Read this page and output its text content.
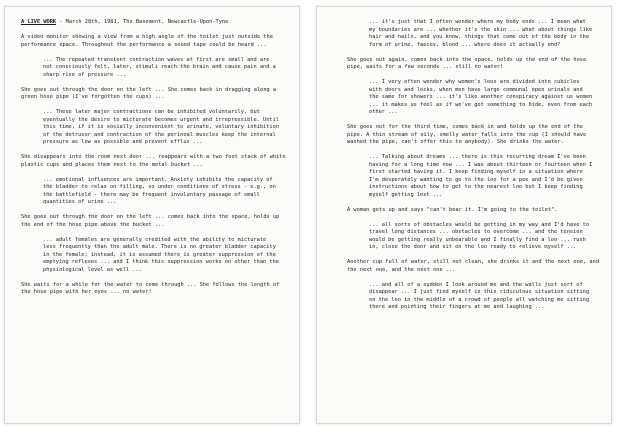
A LIVE WORK - March 28th, 1981, The Basement, Newcastle-Upon-Tyne
A video monitor showing a view from a high angle of the toilet just outside the performance space. Throughout the performance a sound tape could be heard ...
... The repeated transient contraction waves at first are small and are not consciously felt, later, stimuli reach the brain and cause pain and a sharp rise of pressure ...
She goes out through the door on the left ... She comes back in dragging along a green hose pipe (I've forgotten the cups) ...
... These later major contractions can be inhibited voluntarily, but eventually the desire to micturate becomes urgent and irrepressible. Until this time, if it is socially inconvenient to urinate, voluntary inhibition of the detrusor and contraction of the perineal muscles keep the internal pressure as low as possible and prevent efflux ...
She disappears into the room next door ... reappears with a two foot stack of white plastic cups and places them next to the metal bucket ...
... emotional influences are important. Anxiety inhibits the capacity of the bladder to relax on filling, so under conditions of stress - e.g., on the battlefield - there may be frequent involuntary passage of small quantities of urine ...
She goes out through the door on the left ... comes back into the space, holds up the end of the hose pipe above the bucket ...
... adult females are generally credited with the ability to micturate less frequently than the adult male. There is no greater bladder capacity in the female; instead, it is assumed there is greater suppression of the emptying reflexes ... and I think this suppression works on other than the physiological level as well ...
She waits for a while for the water to come through ... She follows the length of the hose pipe with her eyes ... no water!
... it's just that I often wonder where my body ends ... I mean what my boundaries are ... whether it's the skin ... what about things like hair and nails, and you know, things that come out of the body in the form of urine, faeces, blood ... where does it actually end?
She goes out again, comes back into the space, holds up the end of the hose pipe, waits for a few seconds ... still no water!
... I very often wonder why women's loos are divided into cubicles with doors and locks, when men have large communal open urinals and the same for showers ... it's like another conspiracy against us women ... it makes us feel as if we've got something to hide, even from each other ...
She goes out for the third time, comes back in and holds up the end of the pipe. A thin stream of oily, smelly water falls into the cup (I should have washed the pipe, can't offer this to anybody). She drinks the water.
... Talking about dreams ... there is this recurring dream I've been having for a long time now ... I was about thirteen or fourteen when I first started having it. I keep finding myself in a situation where I'm desperately wanting to go to the loo for a pee and I'd be given instructions about how to get to the nearest loo but I keep finding myself getting lost ...
A woman gets up and says "can't bear it. I'm going to the toilet".
... all sorts of obstacles would be getting in my way and I'd have to travel long distances ... obstacles to overcome ... and the tension would be getting really unbearable and I finally find a loo ... rush in, close the door and sit on the loo ready to relieve myself ...
Another cup full of water, still not clean, she drinks it and the next one, and the next one, and the next one ...
... and all of a sudden I look around me and the walls just sort of disappear ... I just find myself in this ridiculous situation sitting on the loo in the middle of a crowd of people all watching me sitting there and pointing their fingers at me and laughing ...
